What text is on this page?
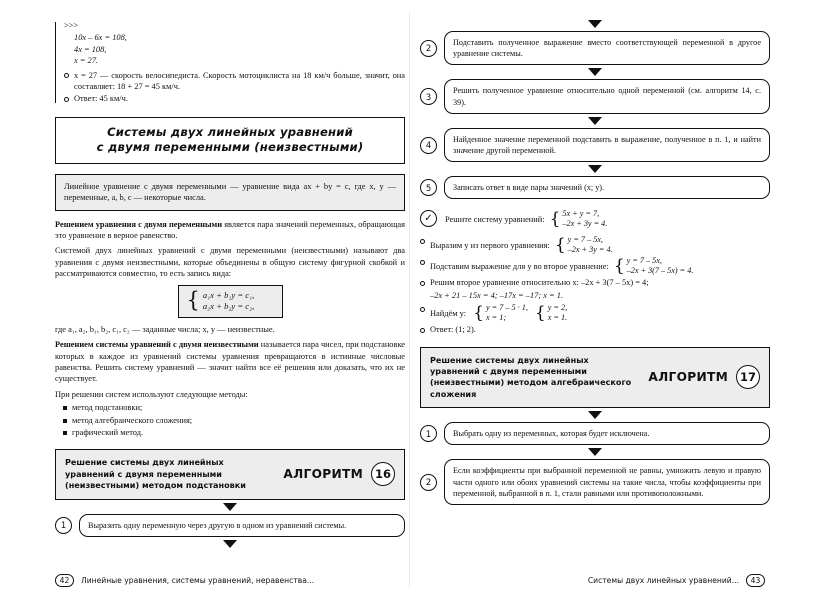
>>>
10x – 6x = 108,
4x = 108,
x = 27.
x = 27 — скорость велосипедиста. Скорость мотоциклиста на 18 км/ч больше, значит, она составляет: 18 + 27 = 45 км/ч.
Ответ: 45 км/ч.
Системы двух линейных уравнений
с двумя переменными (неизвестными)
Линейное уравнение с двумя переменными — уравнение вида ax + by = c, где x, y — переменные, a, b, c — некоторые числа.
Решением уравнения с двумя переменными является пара значений переменных, обращающая это уравнение в верное равенство.
Системой двух линейных уравнений с двумя переменными (неизвестными) называют два уравнения с двумя неизвестными, которые объединены в общую систему фигурной скобкой и рассматриваются совместно, то есть запись вида:
{ a₁x + b₁y = c₁,
a₂x + b₂y = c₂,
где a₁, a₂, b₁, b₂, c₁, c₂ — заданные числа; x, y — неизвестные.
Решением системы уравнений с двумя неизвестными называется пара чисел, при подстановке которых в каждое из уравнений системы уравнения превращаются в истинные числовые равенства. Решить систему уравнений — значит найти все её решения или доказать, что их не существует.
При решении систем используют следующие методы:
метод подстановки;
метод алгебраического сложения;
графический метод.
Решение системы двух линейных
уравнений с двумя переменными
(неизвестными) методом подстановки
АЛГОРИТМ	16
1	Выразить одну переменную через другую в одном из уравнений системы.
2
Подставить полученное выражение вместо соответствующей переменной в другое уравнение системы.
3
Решить полученное уравнение относительно одной переменной (см. алгоритм 14, с. 39).
4
Найденное значение переменной подставить в выражение, полученное в п. 1, и найти значение другой переменной.
5	Записать ответ в виде пары значений (x; y).
✓	Решите систему уравнений: { 5x + y = 7,
–2x + 3y = 4.
Выразим y из первого уравнения: { y = 7 – 5x,
–2x + 3y = 4.
Подставим выражение для y во второе уравнение: { y = 7 – 5x,
–2x + 3(7 – 5x) = 4.
Решим второе уравнение относительно x: –2x + 3(7 – 5x) = 4;
–2x + 21 – 15x = 4; –17x = –17; x = 1.
Найдём y: { y = 7 – 5 · 1,
x = 1;	{ y = 2,
x = 1.
Ответ: (1; 2).
Решение системы двух линейных
уравнений с двумя переменными
(неизвестными) методом алгебраического
сложения
АЛГОРИТМ	17
1	Выбрать одну из переменных, которая будет исключена.
2
Если коэффициенты при выбранной переменной не равны, умножить левую и правую части одного или обоих уравнений системы на такие числа, чтобы коэффициенты при переменной, выбранной в п. 1, стали равными или противоположными.
42	Линейные уравнения, системы уравнений, неравенства...	43
Системы двух линейных уравнений...
